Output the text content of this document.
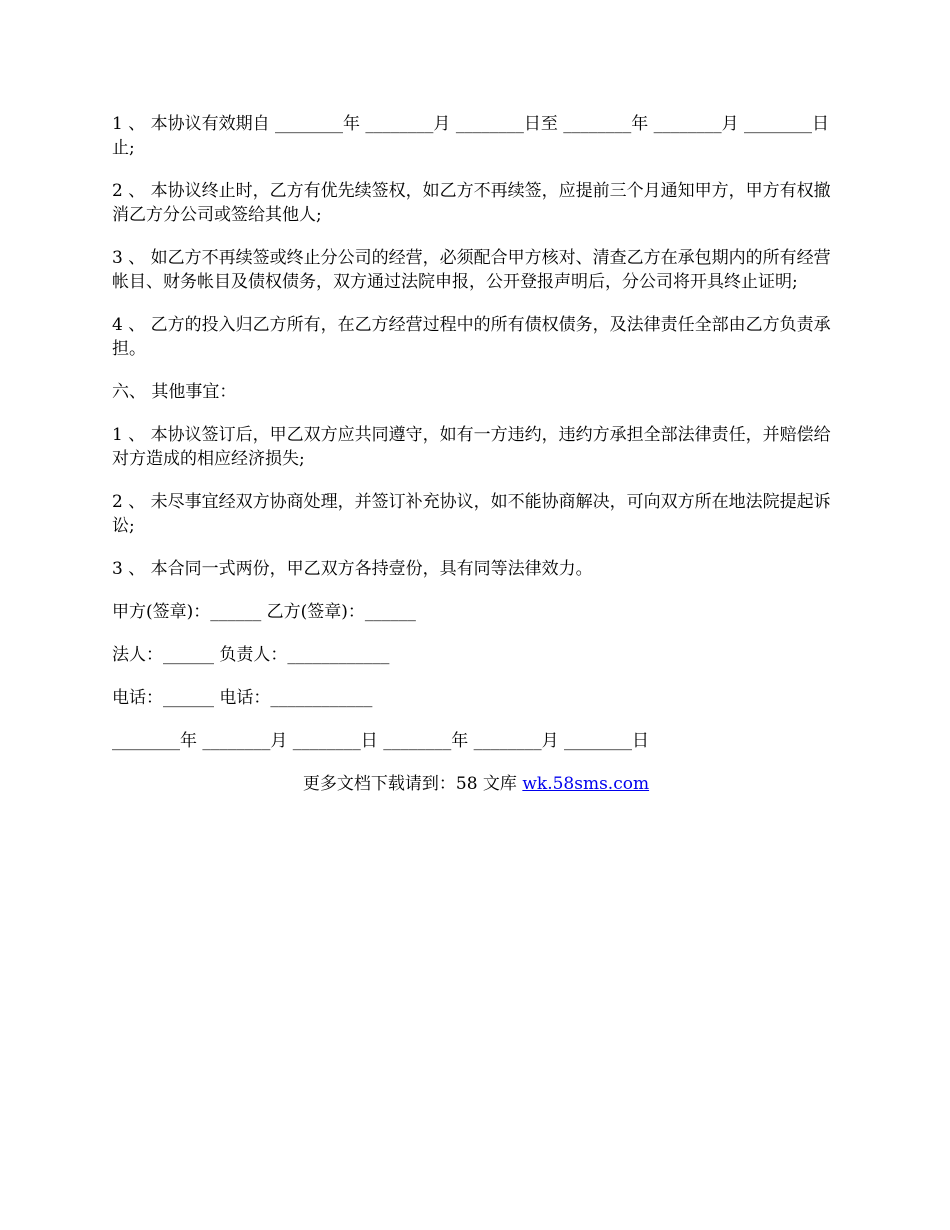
1 、 本协议有效期自 ________年 ________月 ________日至 ________年 ________月 ________日止;

2 、 本协议终止时，乙方有优先续签权，如乙方不再续签，应提前三个月通知甲方，甲方有权撤消乙方分公司或签给其他人;

3 、 如乙方不再续签或终止分公司的经营，必须配合甲方核对、清查乙方在承包期内的所有经营帐目、财务帐目及债权债务，双方通过法院申报，公开登报声明后，分公司将开具终止证明;

4 、 乙方的投入归乙方所有，在乙方经营过程中的所有债权债务，及法律责任全部由乙方负责承担。

六、 其他事宜：

1 、 本协议签订后，甲乙双方应共同遵守，如有一方违约，违约方承担全部法律责任，并赔偿给对方造成的相应经济损失;

2 、 未尽事宜经双方协商处理，并签订补充协议，如不能协商解决，可向双方所在地法院提起诉讼;

3 、 本合同一式两份，甲乙双方各持壹份，具有同等法律效力。

甲方(签章)：______ 乙方(签章)：______

法人：______ 负责人：____________

电话：______ 电话：____________

________年 ________月 ________日 ________年 ________月 ________日

更多文档下载请到：58 文库 wk.58sms.com
